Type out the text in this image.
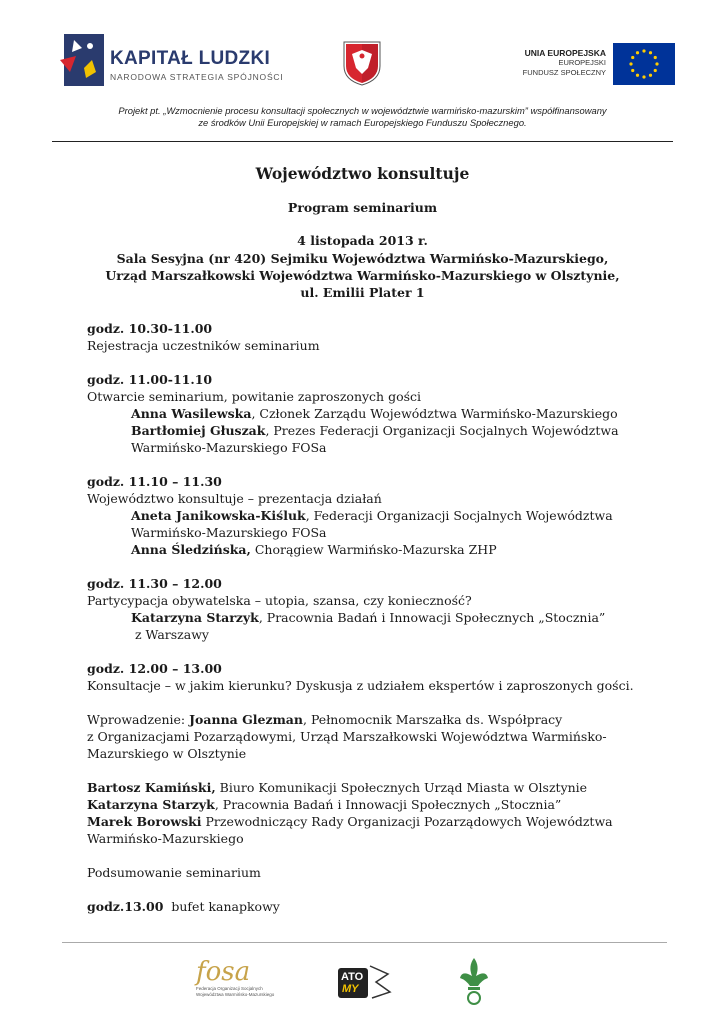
KAPITAŁ LUDZKI
NARODOWA STRATEGIA SPÓJNOŚCI
UNIA EUROPEJSKA
EUROPEJSKI
FUNDUSZ SPOŁECZNY
Projekt pt. „Wzmocnienie procesu konsultacji społecznych w województwie warmińsko-mazurskim” współfinansowany
ze środków Unii Europejskiej w ramach Europejskiego Funduszu Społecznego.
Województwo konsultuje
Program seminarium
4 listopada 2013 r.
Sala Sesyjna (nr 420) Sejmiku Województwa Warmińsko-Mazurskiego,
Urząd Marszałkowski Województwa Warmińsko-Mazurskiego w Olsztynie,
ul. Emilii Plater 1
godz. 10.30-11.00
Rejestracja uczestników seminarium
godz. 11.00-11.10
Otwarcie seminarium, powitanie zaproszonych gości
Anna Wasilewska, Członek Zarządu Województwa Warmińsko-Mazurskiego
Bartłomiej Głuszak, Prezes Federacji Organizacji Socjalnych Województwa
Warmińsko-Mazurskiego FOSa
godz. 11.10 – 11.30
Województwo konsultuje – prezentacja działań
Aneta Janikowska-Kiśluk, Federacji Organizacji Socjalnych Województwa
Warmińsko-Mazurskiego FOSa
Anna Śledzińska, Chorągiew Warmińsko-Mazurska ZHP
godz. 11.30 – 12.00
Partycypacja obywatelska – utopia, szansa, czy konieczność?
Katarzyna Starzyk, Pracownia Badań i Innowacji Społecznych „Stocznia”
z Warszawy
godz. 12.00 – 13.00
Konsultacje – w jakim kierunku? Dyskusja z udziałem ekspertów i zaproszonych gości.
Wprowadzenie: Joanna Glezman, Pełnomocnik Marszałka ds. Współpracy
z Organizacjami Pozarządowymi, Urząd Marszałkowski Województwa Warmińsko-
Mazurskiego w Olsztynie
Bartosz Kamiński, Biuro Komunikacji Społecznych Urząd Miasta w Olsztynie
Katarzyna Starzyk, Pracownia Badań i Innowacji Społecznych „Stocznia”
Marek Borowski Przewodniczący Rady Organizacji Pozarządowych Województwa
Warmińsko-Mazurskiego
Podsumowanie seminarium
godz.13.00  bufet kanapkowy
fosa
Federacja Organizacji Socjalnych
Województwa Warmińsko-Mazurskiego
ATO
MY
